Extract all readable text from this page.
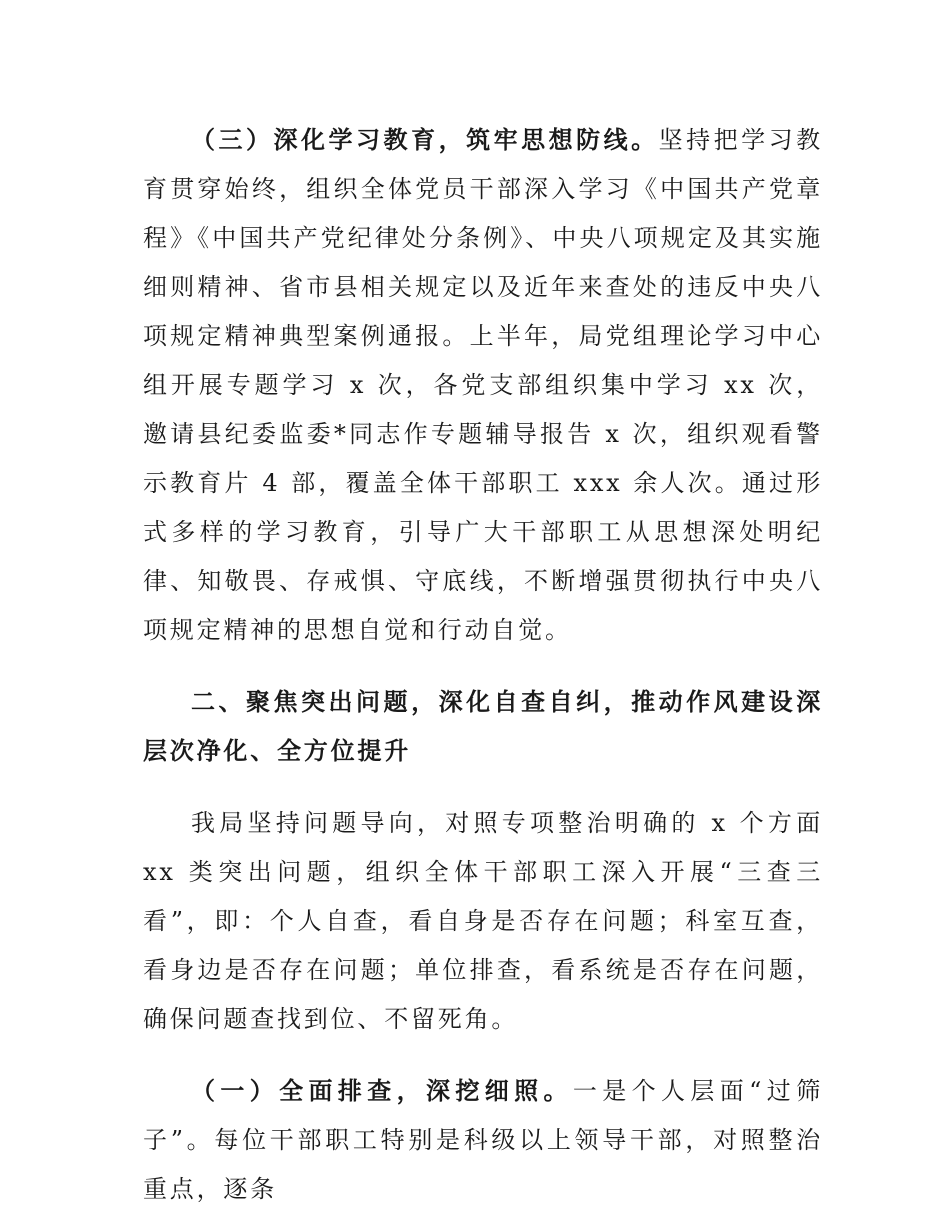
（三）深化学习教育，筑牢思想防线。坚持把学习教育贯穿始终，组织全体党员干部深入学习《中国共产党章程》《中国共产党纪律处分条例》、中央八项规定及其实施细则精神、省市县相关规定以及近年来查处的违反中央八项规定精神典型案例通报。上半年，局党组理论学习中心组开展专题学习 x 次，各党支部组织集中学习 xx 次，邀请县纪委监委*同志作专题辅导报告 x 次，组织观看警示教育片 4 部，覆盖全体干部职工 xxx 余人次。通过形式多样的学习教育，引导广大干部职工从思想深处明纪律、知敬畏、存戒惧、守底线，不断增强贯彻执行中央八项规定精神的思想自觉和行动自觉。

二、聚焦突出问题，深化自查自纠，推动作风建设深层次净化、全方位提升

我局坚持问题导向，对照专项整治明确的 x 个方面 xx 类突出问题，组织全体干部职工深入开展“三查三看”，即：个人自查，看自身是否存在问题；科室互查，看身边是否存在问题；单位排查，看系统是否存在问题，确保问题查找到位、不留死角。

（一）全面排查，深挖细照。一是个人层面“过筛子”。每位干部职工特别是科级以上领导干部，对照整治重点，逐条
